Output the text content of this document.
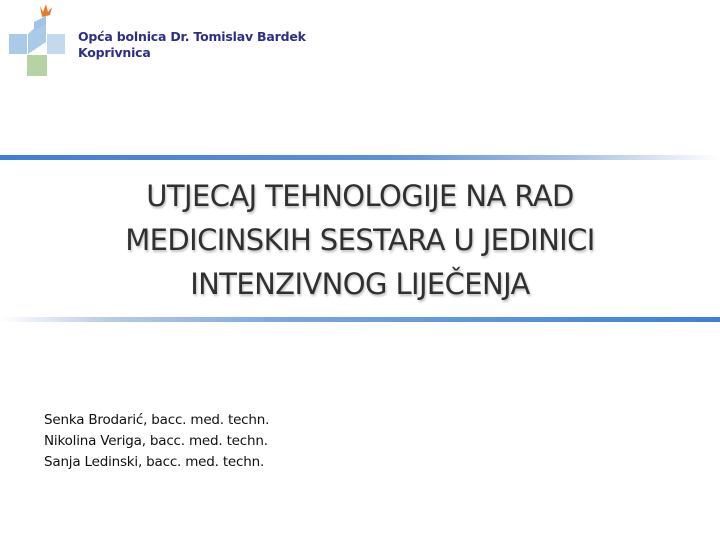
Opća bolnica Dr. Tomislav Bardek
Koprivnica
UTJECAJ TEHNOLOGIJE NA RAD
MEDICINSKIH SESTARA U JEDINICI
INTENZIVNOG LIJEČENJA
Senka Brodarić, bacc. med. techn.
Nikolina Veriga, bacc. med. techn.
Sanja Ledinski, bacc. med. techn.
